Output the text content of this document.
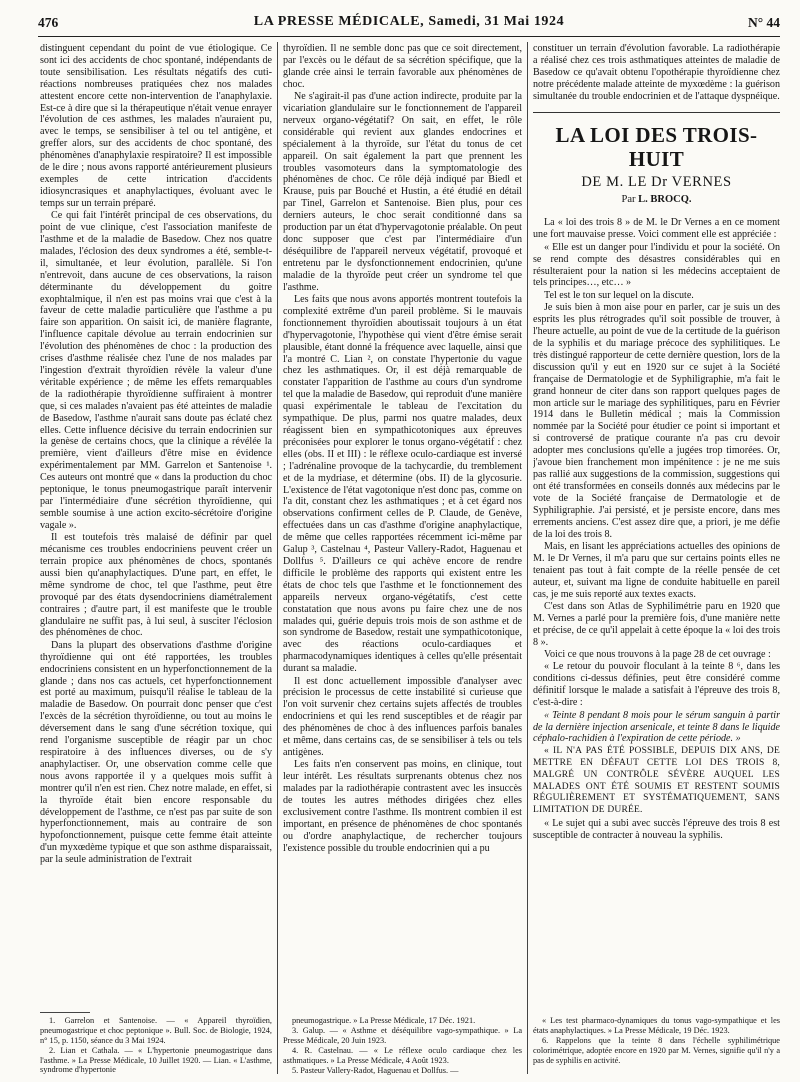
476	LA PRESSE MÉDICALE, Samedi, 31 Mai 1924	N° 44

distinguent cependant du point de vue étiologique. Ce sont ici des accidents de choc spontané, indépendants de toute sensibilisation. Les résultats négatifs des cuti-réactions nombreuses pratiquées chez nos malades attestent encore cette non-intervention de l'anaphylaxie. Est-ce à dire que si la thérapeutique n'était venue enrayer l'évolution de ces asthmes, les malades n'auraient pu, avec le temps, se sensibiliser à tel ou tel antigène, et greffer alors, sur des accidents de choc spontané, des phénomènes d'anaphylaxie respiratoire? Il est impossible de le dire ; nous avons rapporté antérieurement plusieurs exemples de cette intrication d'accidents idiosyncrasiques et anaphylactiques, évoluant avec le temps sur un terrain préparé.

Ce qui fait l'intérêt principal de ces observations, du point de vue clinique, c'est l'association manifeste de l'asthme et de la maladie de Basedow. Chez nos quatre malades, l'éclosion des deux syndromes a été, semble-t-il, simultanée, et leur évolution, parallèle. Si l'on n'entrevoit, dans aucune de ces observations, la raison déterminante du développement du goitre exophtalmique, il n'en est pas moins vrai que c'est à la faveur de cette maladie particulière que l'asthme a pu faire son apparition. On saisit ici, de manière flagrante, l'influence capitale dévolue au terrain endocrinien sur l'évolution des phénomènes de choc : la production des crises d'asthme réalisée chez l'une de nos malades par l'ingestion d'extrait thyroïdien révèle la valeur d'une véritable expérience ; de même les effets remarquables de la radiothérapie thyroïdienne suffiraient à montrer que, si ces malades n'avaient pas été atteintes de maladie de Basedow, l'asthme n'aurait sans doute pas éclaté chez elles. Cette influence décisive du terrain endocrinien sur la genèse de certains chocs, que la clinique a révélée la première, vient d'ailleurs d'être mise en évidence expérimentalement par MM. Garrelon et Santenoise ¹. Ces auteurs ont montré que « dans la production du choc peptonique, le tonus pneumogastrique paraît intervenir par l'intermédiaire d'une sécrétion thyroïdienne, qui semble soumise à une action excito-sécrétoire d'origine vagale ».

Il est toutefois très malaisé de définir par quel mécanisme ces troubles endocriniens peuvent créer un terrain propice aux phénomènes de chocs, spontanés aussi bien qu'anaphylactiques. D'une part, en effet, le même syndrome de choc, tel que l'asthme, peut être provoqué par des états dysendocriniens diamétralement contraires ; d'autre part, il est manifeste que le trouble glandulaire ne suffit pas, à lui seul, à susciter l'éclosion des phénomènes de choc.

Dans la plupart des observations d'asthme d'origine thyroïdienne qui ont été rapportées, les troubles endocriniens consistent en un hyperfonctionnement de la glande ; dans nos cas actuels, cet hyperfonctionnement est porté au maximum, puisqu'il réalise le tableau de la maladie de Basedow. On pourrait donc penser que c'est l'excès de la sécrétion thyroïdienne, ou tout au moins le déversement dans le sang d'une sécrétion toxique, qui rend l'organisme susceptible de réagir par un choc respiratoire à des influences diverses, ou de s'y anaphylactiser. Or, une observation comme celle que nous avons rapportée il y a quelques mois suffit à montrer qu'il n'en est rien. Chez notre malade, en effet, si la thyroïde était bien encore responsable du développement de l'asthme, ce n'est pas par suite de son hyperfonctionnement, mais au contraire de son hypofonctionnement, puisque cette femme était atteinte d'un myxœdème typique et que son asthme disparaissait, par la seule administration de l'extrait

thyroïdien. Il ne semble donc pas que ce soit directement, par l'excès ou le défaut de sa sécrétion spécifique, que la glande crée ainsi le terrain favorable aux phénomènes de choc.

Ne s'agirait-il pas d'une action indirecte, produite par la vicariation glandulaire sur le fonctionnement de l'appareil nerveux organo-végétatif? On sait, en effet, le rôle considérable qui revient aux glandes endocrines et spécialement à la thyroïde, sur l'état du tonus de cet appareil. On sait également la part que prennent les troubles vasomoteurs dans la symptomatologie des phénomènes de choc. Ce rôle déjà indiqué par Biedl et Krause, puis par Bouché et Hustin, a été étudié en détail par Tinel, Garrelon et Santenoise. Bien plus, pour ces derniers auteurs, le choc serait conditionné dans sa production par un état d'hypervagotonie préalable. On peut donc supposer que c'est par l'intermédiaire d'un déséquilibre de l'appareil nerveux végétatif, provoqué et entretenu par le dysfonctionnement endocrinien, qu'une maladie de la thyroïde peut créer un syndrome tel que l'asthme.

Les faits que nous avons apportés montrent toutefois la complexité extrême d'un pareil problème. Si le mauvais fonctionnement thyroïdien aboutissait toujours à un état d'hypervagotonie, l'hypothèse qui vient d'être émise serait plausible, étant donné la fréquence avec laquelle, ainsi que l'a montré C. Lian ², on constate l'hypertonie du vague chez les asthmatiques. Or, il est déjà remarquable de constater l'apparition de l'asthme au cours d'un syndrome tel que la maladie de Basedow, qui reproduit d'une manière quasi expérimentale le tableau de l'excitation du sympathique. De plus, parmi nos quatre malades, deux réagissent bien en sympathicotoniques aux épreuves préconisées pour explorer le tonus organo-végétatif : chez elles (obs. II et III) : le réflexe oculo-cardiaque est inversé ; l'adrénaline provoque de la tachycardie, du tremblement et de la mydriase, et détermine (obs. II) de la glycosurie. L'existence de l'état vagotonique n'est donc pas, comme on l'a dit, constant chez les asthmatiques ; et à cet égard nos observations confirment celles de P. Claude, de Genève, effectuées dans un cas d'asthme d'origine anaphylactique, de même que celles rapportées récemment ici-même par Galup ³, Castelnau ⁴, Pasteur Vallery-Radot, Haguenau et Dollfus ⁵. D'ailleurs ce qui achève encore de rendre difficile le problème des rapports qui existent entre les états de choc tels que l'asthme et le fonctionnement des appareils nerveux organo-végétatifs, c'est cette constatation que nous avons pu faire chez une de nos malades qui, guérie depuis trois mois de son asthme et de son syndrome de Basedow, restait une sympathicotonique, avec des réactions oculo-cardiaques et pharmacodynamiques identiques à celles qu'elle présentait durant sa maladie.

Il est donc actuellement impossible d'analyser avec précision le processus de cette instabilité si curieuse que l'on voit survenir chez certains sujets affectés de troubles endocriniens et qui les rend susceptibles et de réagir par des phénomènes de choc à des influences parfois banales et même, dans certains cas, de se sensibiliser à tels ou tels antigènes.

Les faits n'en conservent pas moins, en clinique, tout leur intérêt. Les résultats surprenants obtenus chez nos malades par la radiothérapie contrastent avec les insuccès de toutes les autres méthodes dirigées chez elles exclusivement contre l'asthme. Ils montrent combien il est important, en présence de phénomènes de choc spontanés ou d'ordre anaphylactique, de rechercher toujours l'existence possible du trouble endocrinien qui a pu

constituer un terrain d'évolution favorable. La radiothérapie a réalisé chez ces trois asthmatiques atteintes de maladie de Basedow ce qu'avait obtenu l'opothérapie thyroïdienne chez notre précédente malade atteinte de myxœdème : la guérison simultanée du trouble endocrinien et de l'attaque dyspnéique.

LA LOI DES TROIS-HUIT
DE M. LE Dr VERNES
Par L. BROCQ.

La « loi des trois 8 » de M. le Dr Vernes a en ce moment une fort mauvaise presse. Voici comment elle est appréciée :

« Elle est un danger pour l'individu et pour la société. On se rend compte des désastres considérables qui en résulteraient pour la nation si les médecins acceptaient de tels principes…, etc… »

Tel est le ton sur lequel on la discute.

Je suis bien à mon aise pour en parler, car je suis un des esprits les plus rétrogrades qu'il soit possible de trouver, à l'heure actuelle, au point de vue de la certitude de la guérison de la syphilis et du mariage précoce des syphilitiques. Le très distingué rapporteur de cette dernière question, lors de la discussion qu'il y eut en 1920 sur ce sujet à la Société française de Dermatologie et de Syphiligraphie, m'a fait le grand honneur de citer dans son rapport quelques pages de mon article sur le mariage des syphilitiques, paru en Février 1914 dans le Bulletin médical ; mais la Commission nommée par la Société pour étudier ce point si important et si controversé de pratique courante n'a pas cru devoir adopter mes conclusions qu'elle a jugées trop timorées. Or, j'avoue bien franchement mon impénitence : je ne me suis pas rallié aux suggestions de la commission, suggestions qui ont été transformées en conseils donnés aux médecins par le vote de la Société française de Dermatologie et de Syphiligraphie. J'ai persisté, et je persiste encore, dans mes errements anciens. C'est assez dire que, a priori, je me défie de la loi des trois 8.

Mais, en lisant les appréciations actuelles des opinions de M. le Dr Vernes, il m'a paru que sur certains points elles ne tenaient pas tout à fait compte de la réelle pensée de cet auteur, et, suivant ma ligne de conduite habituelle en pareil cas, je me suis reporté aux textes exacts.

C'est dans son Atlas de Syphilimétrie paru en 1920 que M. Vernes a parlé pour la première fois, d'une manière nette et précise, de ce qu'il appelait à cette époque la « loi des trois 8 ».

Voici ce que nous trouvons à la page 28 de cet ouvrage :

« Le retour du pouvoir floculant à la teinte 8 ⁶, dans les conditions ci-dessus définies, peut être considéré comme définitif lorsque le malade a satisfait à l'épreuve des trois 8, c'est-à-dire :

« Teinte 8 pendant 8 mois pour le sérum sanguin à partir de la dernière injection arsenicale, et teinte 8 dans le liquide céphalo-rachidien à l'expiration de cette période. »

« IL N'A PAS ÉTÉ POSSIBLE, DEPUIS DIX ANS, DE METTRE EN DÉFAUT CETTE LOI DES TROIS 8, MALGRÉ UN CONTRÔLE SÉVÈRE AUQUEL LES MALADES ONT ÉTÉ SOUMIS ET RESTENT SOUMIS RÉGULIÈREMENT ET SYSTÉMATIQUEMENT, SANS LIMITATION DE DURÉE.

« Le sujet qui a subi avec succès l'épreuve des trois 8 est susceptible de contracter à nouveau la syphilis.

1. Garrelon et Santenoise. — « Appareil thyroïdien, pneumogastrique et choc peptonique ». Bull. Soc. de Biologie, 1924, n° 15, p. 1150, séance du 3 Mai 1924.

2. Lian et Cathala. — « L'hypertonie pneumogastrique dans l'asthme. » La Presse Médicale, 10 Juillet 1920. — Lian. « L'asthme, syndrome d'hypertonie

pneumogastrique. » La Presse Médicale, 17 Déc. 1921.

3. Galup. — « Asthme et déséquilibre vago-sympathique. » La Presse Médicale, 20 Juin 1923.

4. R. Castelnau. — « Le réflexe oculo cardiaque chez les asthmatiques. » La Presse Médicale, 4 Août 1923.

5. Pasteur Vallery-Radot, Haguenau et Dollfus. —

« Les test pharmaco-dynamiques du tonus vago-sympathique et les états anaphylactiques. » La Presse Médicale, 19 Déc. 1923.

6. Rappelons que la teinte 8 dans l'échelle syphilimétrique colorimétrique, adoptée encore en 1920 par M. Vernes, signifie qu'il n'y a pas de syphilis en activité.
